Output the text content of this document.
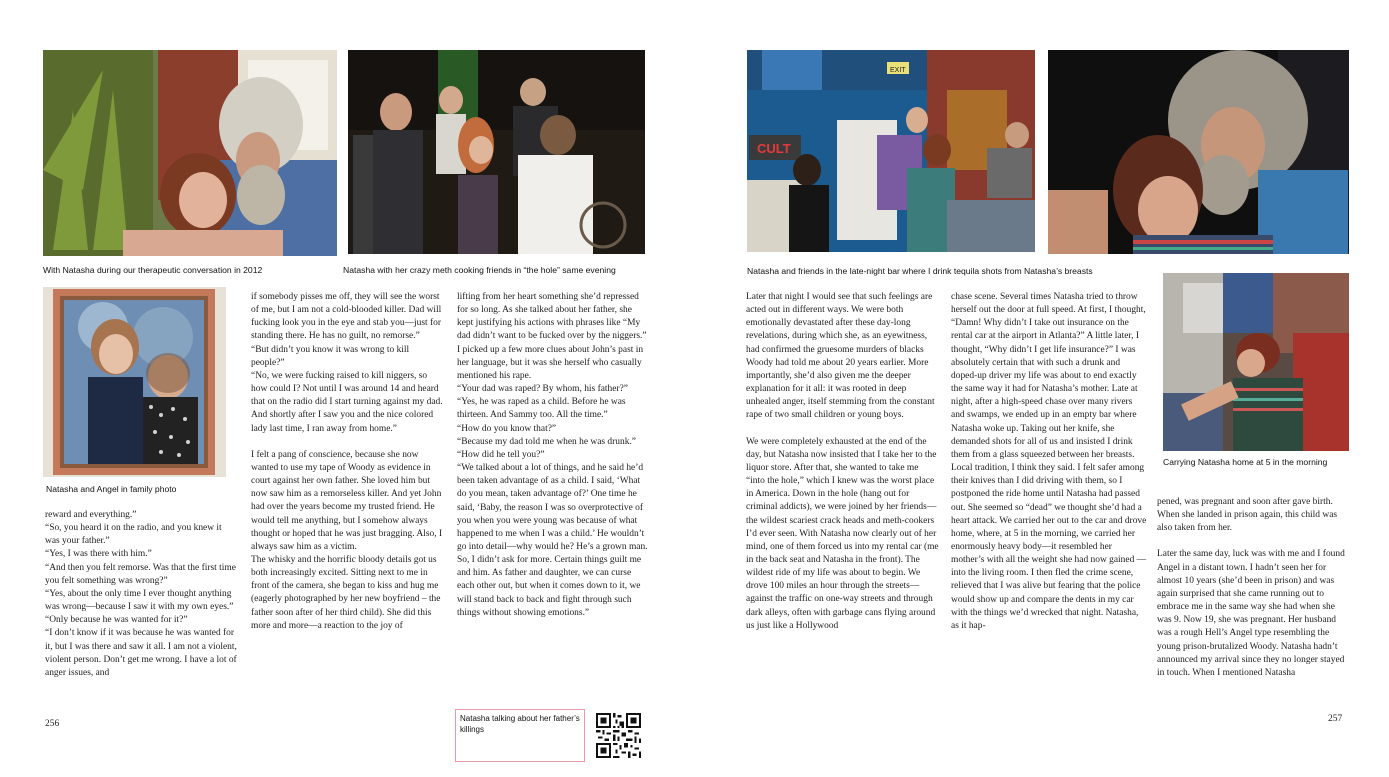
With Natasha during our therapeutic conversation in 2012	Natasha with her crazy meth cooking friends in “the hole” same evening
Natasha and Angel in family photo

reward and everything.”

“So, you heard it on the radio, and you knew it was your father.”

“Yes, I was there with him.”

“And then you felt remorse. Was that the first time you felt something was wrong?”

“Yes, about the only time I ever thought anything was wrong—because I saw it with my own eyes.”

“Only because he was wanted for it?”

“I don’t know if it was because he was wanted for it, but I was there and saw it all. I am not a violent, violent person. Don’t get me wrong. I have a lot of anger issues, and

if somebody pisses me off, they will see the worst of me, but I am not a cold-blooded killer. Dad will fucking look you in the eye and stab you—just for standing there. He has no guilt, no remorse.”

“But didn’t you know it was wrong to kill people?”

“No, we were fucking raised to kill niggers, so how could I? Not until I was around 14 and heard that on the radio did I start turning against my dad. And shortly after I saw you and the nice colored lady last time, I ran away from home.”

I felt a pang of conscience, because she now wanted to use my tape of Woody as evidence in court against her own father. She loved him but now saw him as a remorseless killer. And yet John had over the years become my trusted friend. He would tell me anything, but I somehow always thought or hoped that he was just bragging. Also, I always saw him as a victim.

The whisky and the horrific bloody details got us both increasingly excited. Sitting next to me in front of the camera, she began to kiss and hug me (eagerly photographed by her new boyfriend – the father soon after of her third child). She did this more and more—a reaction to the joy of

lifting from her heart something she’d repressed for so long. As she talked about her father, she kept justifying his actions with phrases like “My dad didn’t want to be fucked over by the niggers.” I picked up a few more clues about John’s past in her language, but it was she herself who casually mentioned his rape.

“Your dad was raped? By whom, his father?”

“Yes, he was raped as a child. Before he was thirteen. And Sammy too. All the time.”

“How do you know that?”

“Because my dad told me when he was drunk.”

“How did he tell you?”

“We talked about a lot of things, and he said he’d been taken advantage of as a child. I said, ‘What do you mean, taken advantage of?’ One time he said, ‘Baby, the reason I was so overprotective of you when you were young was because of what happened to me when I was a child.’ He wouldn’t go into detail—why would he? He’s a grown man. So, I didn’t ask for more. Certain things guilt me and him. As father and daughter, we can curse each other out, but when it comes down to it, we will stand back to back and fight through such things without showing emotions.”

Natasha talking about her father’s killings
256
CULT
EXIT
Natasha and friends in the late-night bar where I drink tequila shots from Natasha’s breasts
Carrying Natasha home at 5 in the morning

Later that night I would see that such feelings are acted out in different ways. We were both emotionally devastated after these day-long revelations, during which she, as an eyewitness, had confirmed the gruesome murders of blacks Woody had told me about 20 years earlier. More importantly, she’d also given me the deeper explanation for it all: it was rooted in deep unhealed anger, itself stemming from the constant rape of two small children or young boys.

We were completely exhausted at the end of the day, but Natasha now insisted that I take her to the liquor store. After that, she wanted to take me “into the hole,” which I knew was the worst place in America. Down in the hole (hang out for criminal addicts), we were joined by her friends—the wildest scariest crack heads and meth-cookers I’d ever seen. With Natasha now clearly out of her mind, one of them forced us into my rental car (me in the back seat and Natasha in the front). The wildest ride of my life was about to begin. We drove 100 miles an hour through the streets—against the traffic on one-way streets and through dark alleys, often with garbage cans flying around us just like a Hollywood

chase scene. Several times Natasha tried to throw herself out the door at full speed. At first, I thought, “Damn! Why didn’t I take out insurance on the rental car at the airport in Atlanta?” A little later, I thought, “Why didn’t I get life insurance?” I was absolutely certain that with such a drunk and doped-up driver my life was about to end exactly the same way it had for Natasha’s mother. Late at night, after a high-speed chase over many rivers and swamps, we ended up in an empty bar where Natasha woke up. Taking out her knife, she demanded shots for all of us and insisted I drink them from a glass squeezed between her breasts. Local tradition, I think they said. I felt safer among their knives than I did driving with them, so I postponed the ride home until Natasha had passed out. She seemed so “dead” we thought she’d had a heart attack. We carried her out to the car and drove home, where, at 5 in the morning, we carried her enormously heavy body—it resembled her mother’s with all the weight she had now gained —into the living room. I then fled the crime scene, relieved that I was alive but fearing that the police would show up and compare the dents in my car with the things we’d wrecked that night. Natasha, as it hap-

pened, was pregnant and soon after gave birth. When she landed in prison again, this child was also taken from her.

Later the same day, luck was with me and I found Angel in a distant town. I hadn’t seen her for almost 10 years (she’d been in prison) and was again surprised that she came running out to embrace me in the same way she had when she was 9. Now 19, she was pregnant. Her husband was a rough Hell’s Angel type resembling the young prison-brutalized Woody. Natasha hadn’t announced my arrival since they no longer stayed in touch. When I mentioned Natasha

257
